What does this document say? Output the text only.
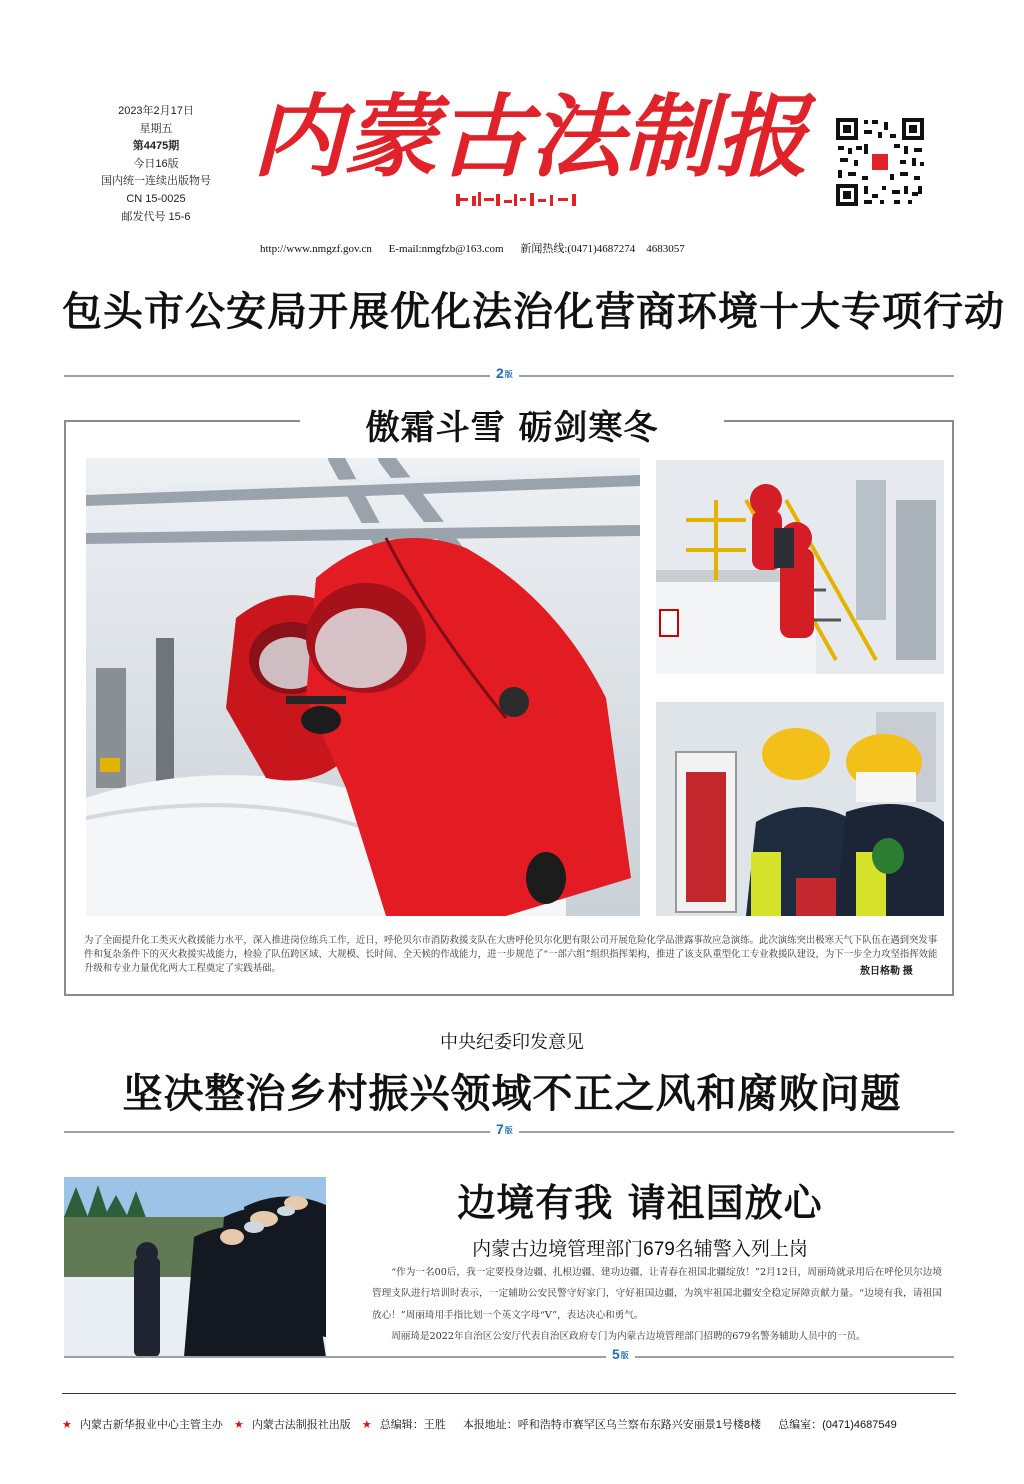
2023年2月17日
星期五
第4475期
今日16版
国内统一连续出版物号
CN 15-0025
邮发代号 15-6
内蒙古法制报
http://www.nmgzf.gov.cn E-mail:nmgfzb@163.com 新闻热线:(0471)4687274　4683057
包头市公安局开展优化法治化营商环境十大专项行动
2版
傲霜斗雪 砺剑寒冬
为了全面提升化工类灭火救援能力水平，深入推进岗位练兵工作，近日，呼伦贝尔市消防救援支队在大唐呼伦贝尔化肥有限公司开展危险化学品泄露事故应急演练。此次演练突出极寒天气下队伍在遇到突发事件和复杂条件下的灭火救援实战能力，检验了队伍跨区域、大规模、长时间、全天候的作战能力，进一步规范了“一部六组”组织指挥架构，推进了该支队重型化工专业救援队建设，为下一步全力攻坚指挥效能升级和专业力量优化两大工程奠定了实践基础。	敖日格勒 摄
中央纪委印发意见
坚决整治乡村振兴领域不正之风和腐败问题
7版
边境有我 请祖国放心
内蒙古边境管理部门679名辅警入列上岗

“作为一名00后，我一定要投身边疆、扎根边疆、建功边疆，让青春在祖国北疆绽放！”2月12日，周丽琦就录用后在呼伦贝尔边境管理支队进行培训时表示，一定辅助公安民警守好家门，守好祖国边疆，为筑牢祖国北疆安全稳定屏障贡献力量。“边境有我，请祖国放心！”周丽琦用手指比划一个英文字母“V”，表达决心和勇气。

周丽琦是2022年自治区公安厅代表自治区政府专门为内蒙古边境管理部门招聘的679名警务辅助人员中的一员。

5版
★ 内蒙古新华报业中心主管主办 ★ 内蒙古法制报社出版 ★ 总编辑：王胜 本报地址：呼和浩特市赛罕区乌兰察布东路兴安丽景1号楼8楼 总编室：(0471)4687549
